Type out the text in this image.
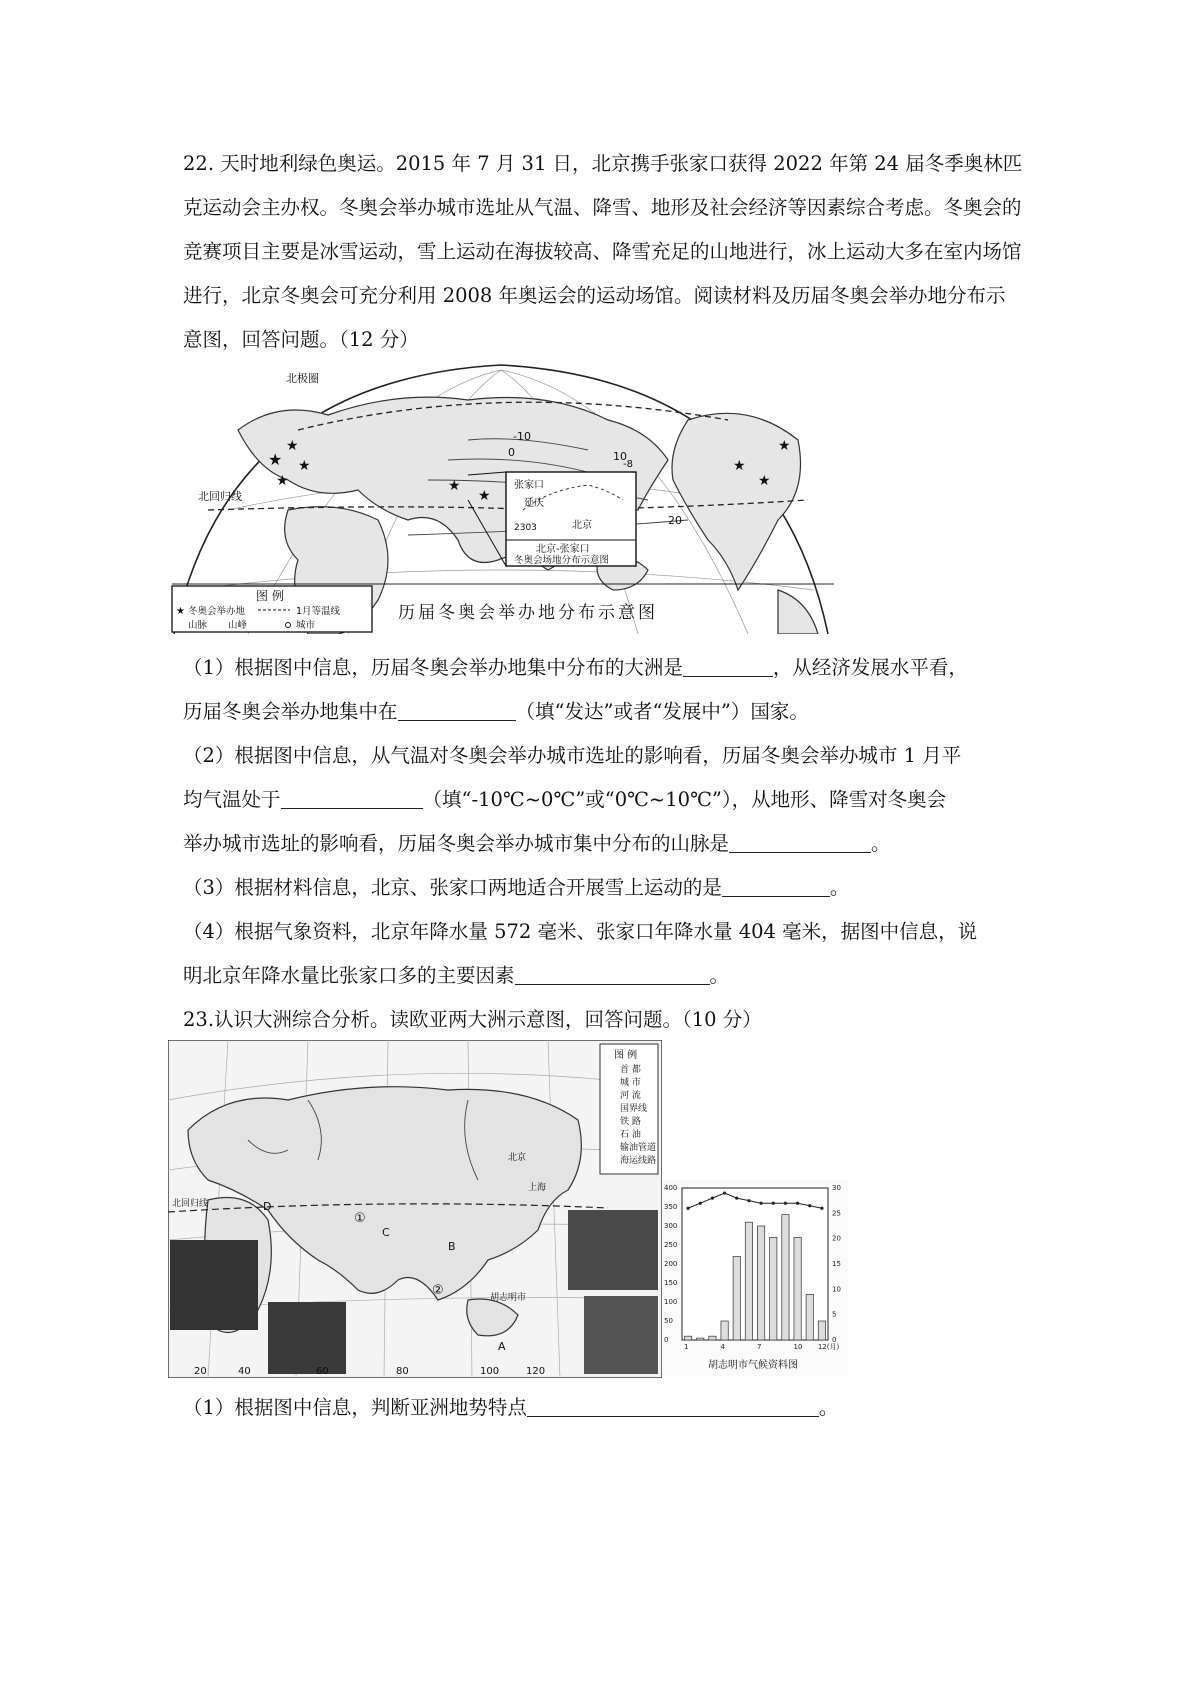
22. 天时地利绿色奥运。2015 年 7 月 31 日，北京携手张家口获得 2022 年第 24 届冬季奥林匹克运动会主办权。冬奥会举办城市选址从气温、降雪、地形及社会经济等因素综合考虑。冬奥会的竞赛项目主要是冰雪运动，雪上运动在海拔较高、降雪充足的山地进行，冰上运动大多在室内场馆进行，北京冬奥会可充分利用 2008 年奥运会的运动场馆。阅读材料及历届冬奥会举办地分布示意图，回答问题。（12 分）
★
★
★
★
★
★
★
★
★
北极圈
北回归线
-10
0	10
-8
20
张家口
延庆
2303	北京
北京-张家口
冬奥会场地分布示意图
图 例
★ 冬奥会举办地	1月等温线
山脉 山峰	城市
历届冬奥会举办地分布示意图
（1）根据图中信息，历届冬奥会举办地集中分布的大洲是	，从经济发展水平看，
历届冬奥会举办地集中在	（填“发达”或者“发展中”）国家。
（2）根据图中信息，从气温对冬奥会举办城市选址的影响看，历届冬奥会举办城市 1 月平
均气温处于	（填“-10℃~0℃”或“0℃~10℃”），从地形、降雪对冬奥会
举办城市选址的影响看，历届冬奥会举办城市集中分布的山脉是	。
（3）根据材料信息，北京、张家口两地适合开展雪上运动的是	。
（4）根据气象资料，北京年降水量 572 毫米、张家口年降水量 404 毫米，据图中信息，说
明北京年降水量比张家口多的主要因素	。
23.认识大洲综合分析。读欧亚两大洲示意图，回答问题。（10 分）
图 例
首 都
城 市
河 流
国界线
铁 路
石 油
输油管道
海运线路
①
②
A
B
C
D
北回归线
上海
北京
胡志明市
20	40	60	80	100	120
400
350
300
250
200
150
100
50
0
30
25
20
15
10
5
0
1	4	7	10 12(月)
胡志明市气候资料图
（1）根据图中信息，判断亚洲地势特点	。
